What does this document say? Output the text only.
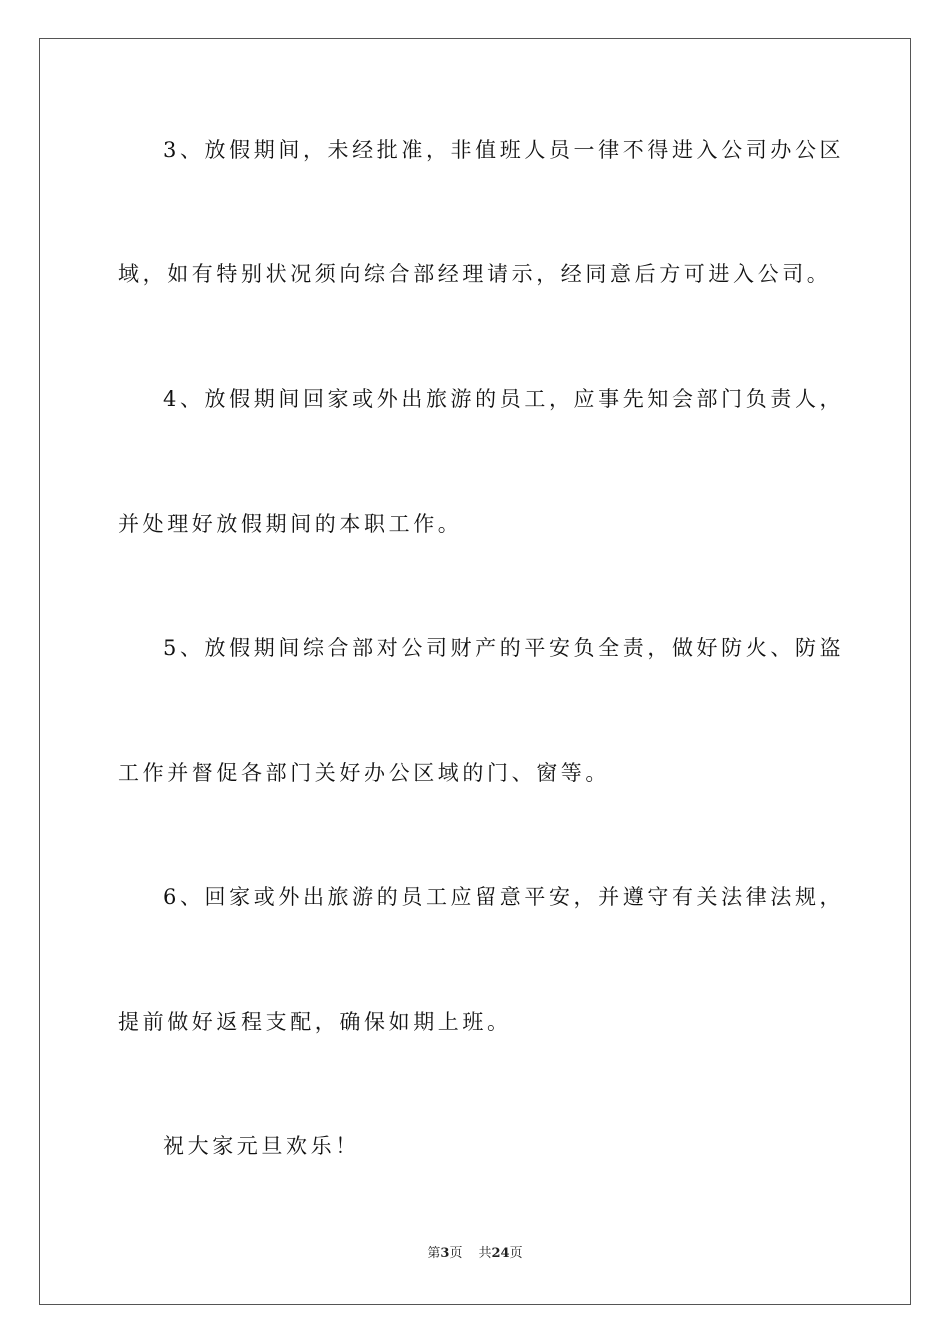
3、放假期间，未经批准，非值班人员一律不得进入公司办公区
域，如有特别状况须向综合部经理请示，经同意后方可进入公司。
4、放假期间回家或外出旅游的员工，应事先知会部门负责人，
并处理好放假期间的本职工作。
5、放假期间综合部对公司财产的平安负全责，做好防火、防盗
工作并督促各部门关好办公区域的门、窗等。
6、回家或外出旅游的员工应留意平安，并遵守有关法律法规，
提前做好返程支配，确保如期上班。
祝大家元旦欢乐！
第3页 共24页
